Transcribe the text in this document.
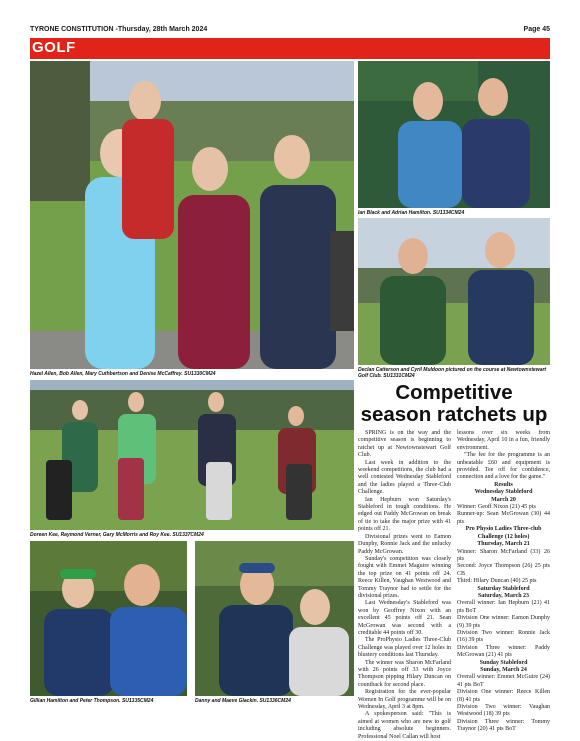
TYRONE CONSTITUTION -Thursday, 28th March 2024	Page 45
GOLF
Hazel Allen, Bob Allen, Mary Cuthbertson and Denise McCaffrey. SU1330CM24
Ian Black and Adrian Hamilton. SU1334CM24
Declan Catterson and Cyril Muldoon pictured on the course at Newtownstewart Golf Club. SU1331CM24
Doreen Kee, Raymond Verner, Gary McMorris and Roy Kee. SU1337CM24
Gillian Hamilton and Peter Thompson. SU1335CM24	Danny and Maeve Glackin. SU1336CM24
Competitive season ratchets up

SPRING is on the way and the competitive season is beginning to ratchet up at Newtownstewart Golf Club.

Last week in addition to the weekend competitions, the club had a well contested Wednesday Stableford and the ladies played a Three-Club Challenge.

Ian Hepburn won Saturday's Stableford in tough conditions. He edged out Paddy McGrowan on break of tie to take the major prize with 41 points off 21.

Divisional prizes went to Eamon Dunphy, Ronnie Jack and the unlucky Paddy McGrowan.

Sunday's competition was closely fought with Emmet Maguire winning the top prize on 41 points off 24. Reece Killen, Vaughan Westwood and Tommy Traynor had to settle for the divisional prizes.

Last Wednesday's Stableford was won by Geoffrey Nixon with an excellent 45 points off 21. Sean McGrowan was second with a creditable 44 points off 30.

The ProPhysio Ladies Three-Club Challenge was played over 12 holes in blustery conditions last Thursday.

The winner was Sharon McFarland with 26 points off 33 with Joyce Thompson pipping Hilary Duncan on countback for second place.

Registration for the ever-popular Women In Golf programme will be on Wednesday, April 3 at 8pm.

A spokesperson said: "This is aimed at women who are new to golf including absolute beginners. Professional Noel Callan will host

lessons over six weeks from Wednesday, April 10 in a fun, friendly environment.

"The fee for the programme is an unbeatable £60 and equipment is provided. Tee off for confidence, connection and a love for the game."

Results

Wednesday Stableford

March 20

Winner: Geoff Nixon (21) 45 pts

Runner-up: Sean McGrowan (30) 44 pts

Pro Physio Ladies Three-club Challenge (12 holes)

Thursday, March 21

Winner: Sharon McFarland (33) 26 pts

Second: Joyce Thompson (26) 25 pts CB

Third: Hilary Duncan (40) 25 pts

Saturday Stableford

Saturday, March 23

Overall winner: Ian Hepburn (21) 41 pts BoT

Division One winner: Eamon Dunphy (9) 39 pts

Division Two winner: Ronnie Jack (16) 39 pts

Division Three winner: Paddy McGrowan (21) 41 pts

Sunday Stableford

Sunday, March 24

Overall winner: Emmet McGuire (24) 41 pts BoT

Division One winner: Reece Killen (8) 41 pts

Division Two winner: Vaughan Westwood (18) 39 pts

Division Three winner: Tommy Traynor (20) 41 pts BoT
